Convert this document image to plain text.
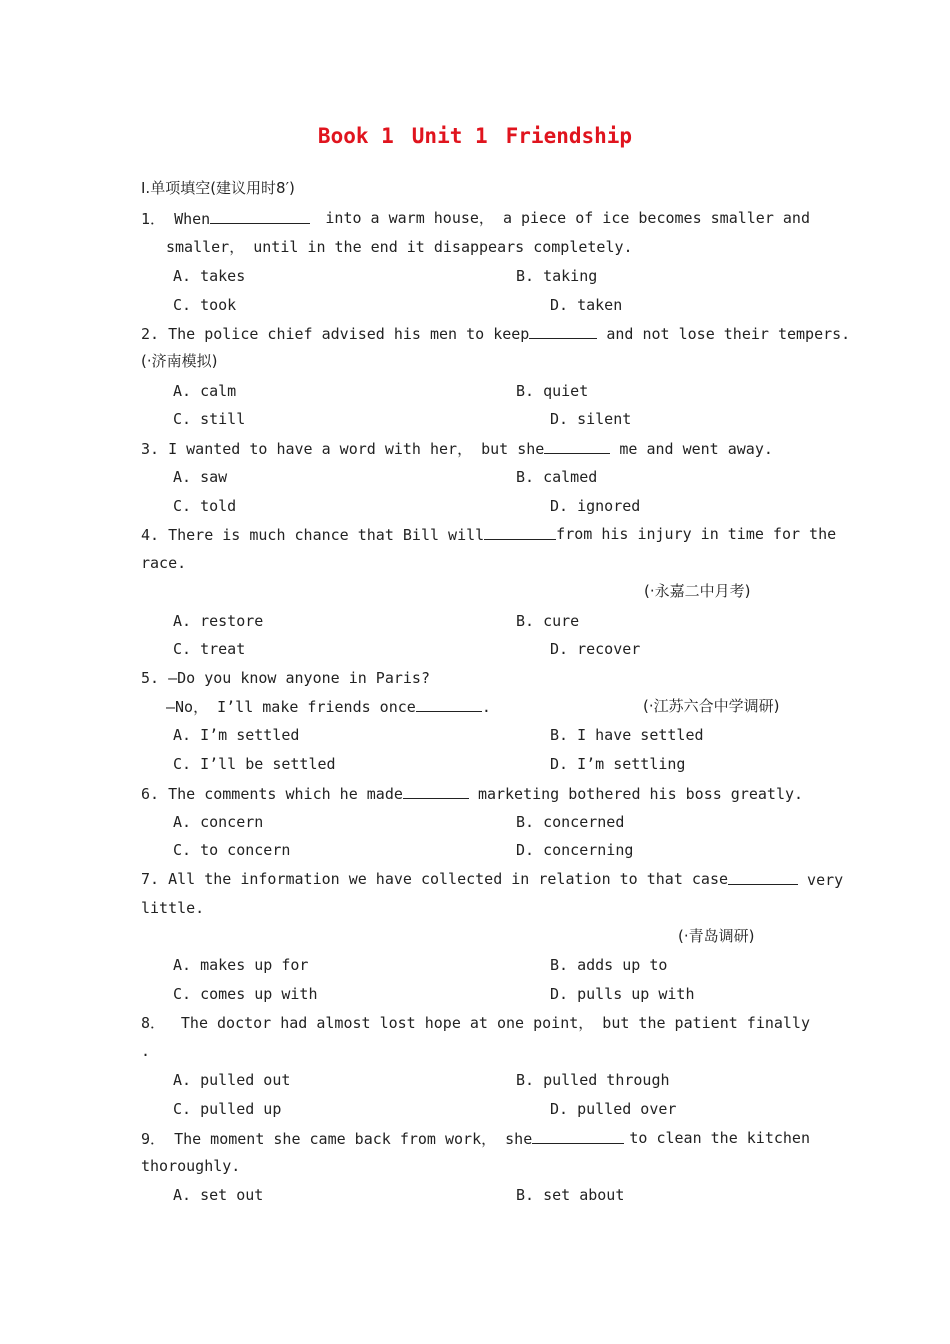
Book 1 Unit 1 Friendship
Ⅰ.单项填空(建议用时8′)
1． When	into a warm house， a piece of ice becomes smaller and
smaller， until in the end it disappears completely.
A. takes	B. taking
C. took	D. taken
2. The police chief advised his men to keep	and not lose their tempers.
(·济南模拟)
A. calm	B. quiet
C. still	D. silent
3. I wanted to have a word with her， but she	me and went away.
A. saw	B. calmed
C. told	D. ignored
4. There is much chance that Bill will	from his injury in time for the
race.
(·永嘉二中月考)
A. restore	B. cure
C. treat	D. recover
5. —Do you know anyone in Paris?
—No， I’ll make friends once	.	(·江苏六合中学调研)
A. I’m settled	B. I have settled
C. I’ll be settled	D. I’m settling
6. The comments which he made	marketing bothered his boss greatly.
A. concern	B. concerned
C. to concern	D. concerning
7. All the information we have collected in relation to that case	very
little.
(·青岛调研)
A. makes up for	B. adds up to
C. comes up with	D. pulls up with
8． The doctor had almost lost hope at one point， but the patient finally
.
A. pulled out	B. pulled through
C. pulled up	D. pulled over
9． The moment she came back from work， she	to clean the kitchen
thoroughly.
A. set out	B. set about
